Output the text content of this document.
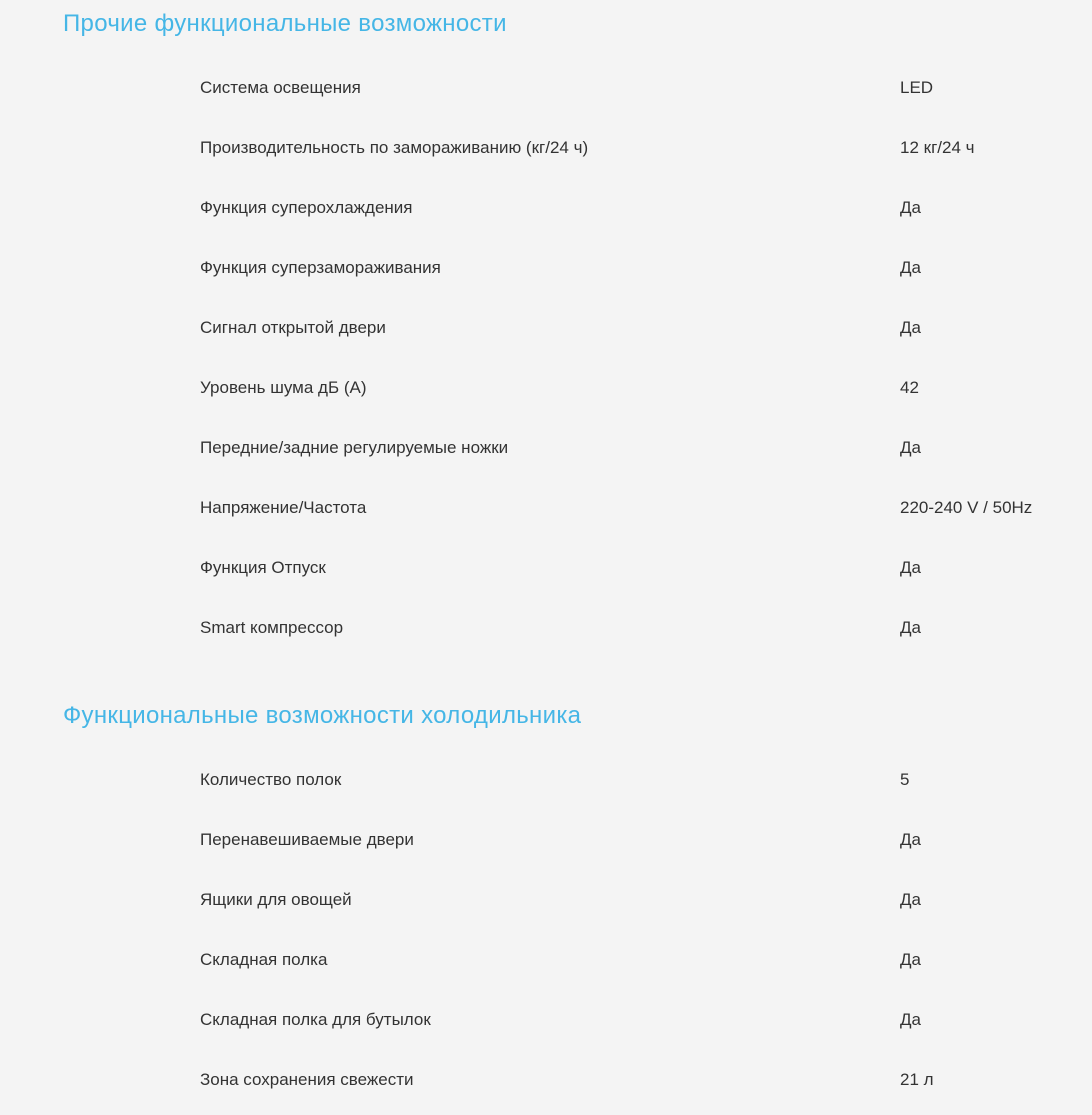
Прочие функциональные возможности
Система освещения	LED
Производительность по замораживанию (кг/24 ч)	12 кг/24 ч
Функция суперохлаждения	Да
Функция суперзамораживания	Да
Сигнал открытой двери	Да
Уровень шума дБ (А)	42
Передние/задние регулируемые ножки	Да
Напряжение/Частота	220-240 V / 50Hz
Функция Отпуск	Да
Smart компрессор	Да
Функциональные возможности холодильника
Количество полок	5
Перенавешиваемые двери	Да
Ящики для овощей	Да
Складная полка	Да
Складная полка для бутылок	Да
Зона сохранения свежести	21 л
